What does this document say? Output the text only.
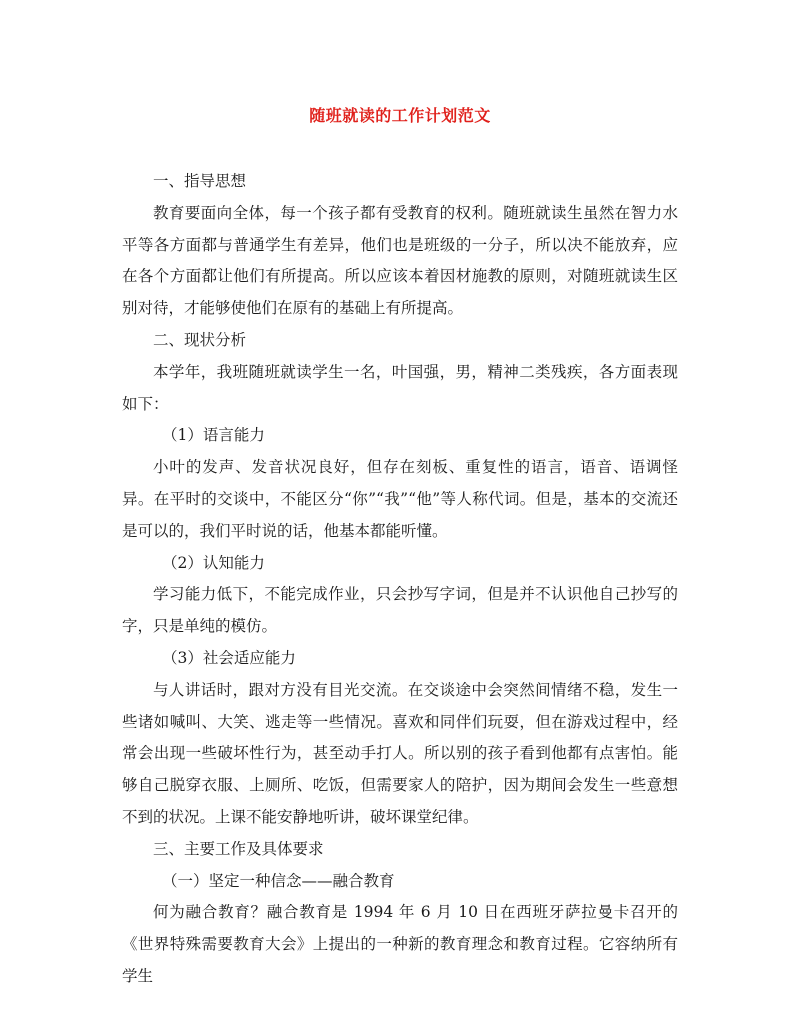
随班就读的工作计划范文

一、指导思想

教育要面向全体，每一个孩子都有受教育的权利。随班就读生虽然在智力水平等各方面都与普通学生有差异，他们也是班级的一分子，所以决不能放弃，应在各个方面都让他们有所提高。所以应该本着因材施教的原则，对随班就读生区别对待，才能够使他们在原有的基础上有所提高。

二、现状分析

本学年，我班随班就读学生一名，叶国强，男，精神二类残疾，各方面表现如下：

（1）语言能力

小叶的发声、发音状况良好，但存在刻板、重复性的语言，语音、语调怪异。在平时的交谈中，不能区分“你”“我”“他”等人称代词。但是，基本的交流还是可以的，我们平时说的话，他基本都能听懂。

（2）认知能力

学习能力低下，不能完成作业，只会抄写字词，但是并不认识他自己抄写的字，只是单纯的模仿。

（3）社会适应能力

与人讲话时，跟对方没有目光交流。在交谈途中会突然间情绪不稳，发生一些诸如喊叫、大笑、逃走等一些情况。喜欢和同伴们玩耍，但在游戏过程中，经常会出现一些破坏性行为，甚至动手打人。所以别的孩子看到他都有点害怕。能够自己脱穿衣服、上厕所、吃饭，但需要家人的陪护，因为期间会发生一些意想不到的状况。上课不能安静地听讲，破坏课堂纪律。

三、主要工作及具体要求

（一）坚定一种信念——融合教育

何为融合教育？融合教育是 1994 年 6 月 10 日在西班牙萨拉曼卡召开的《世界特殊需要教育大会》上提出的一种新的教育理念和教育过程。它容纳所有学生
